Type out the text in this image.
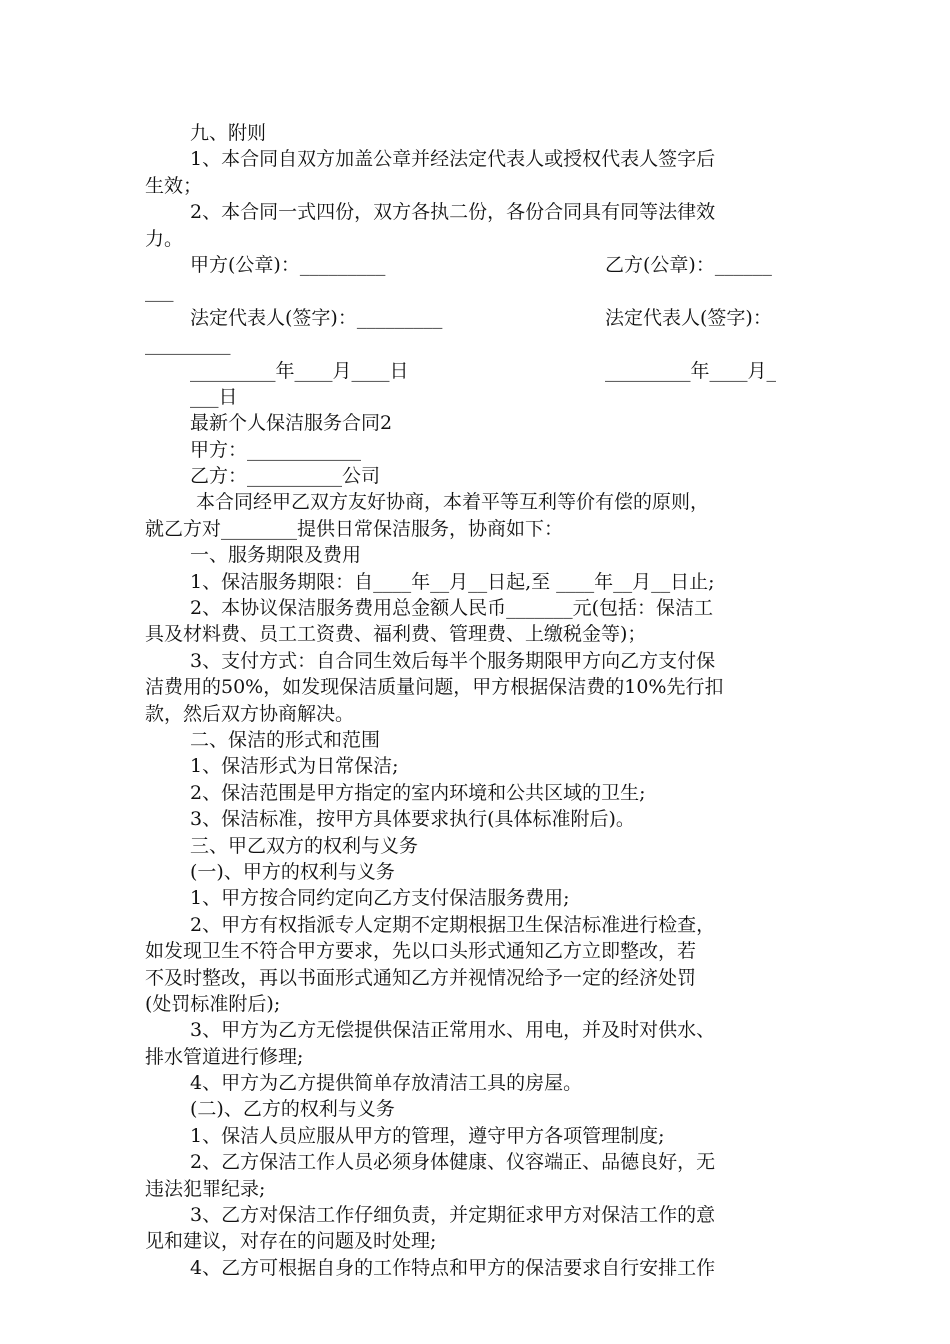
九、附则
1、本合同自双方加盖公章并经法定代表人或授权代表人签字后
生效；
2、本合同一式四份，双方各执二份，各份合同具有同等法律效
力。
甲方(公章)：_________	乙方(公章)：______
___
法定代表人(签字)：_________	法定代表人(签字)：
_________
_________年____月____日	_________年____月_
___日
最新个人保洁服务合同2
甲方：____________
乙方：__________公司
本合同经甲乙双方友好协商，本着平等互利等价有偿的原则，
就乙方对________提供日常保洁服务，协商如下：
一、服务期限及费用
1、保洁服务期限：自____年__月__日起,至 ____年__月__日止;
2、本协议保洁服务费用总金额人民币_______元(包括：保洁工
具及材料费、员工工资费、福利费、管理费、上缴税金等)；
3、支付方式：自合同生效后每半个服务期限甲方向乙方支付保
洁费用的50%，如发现保洁质量问题，甲方根据保洁费的10%先行扣
款，然后双方协商解决。
二、保洁的形式和范围
1、保洁形式为日常保洁;
2、保洁范围是甲方指定的室内环境和公共区域的卫生;
3、保洁标准，按甲方具体要求执行(具体标准附后)。
三、甲乙双方的权利与义务
(一)、甲方的权利与义务
1、甲方按合同约定向乙方支付保洁服务费用;
2、甲方有权指派专人定期不定期根据卫生保洁标准进行检查，
如发现卫生不符合甲方要求，先以口头形式通知乙方立即整改，若
不及时整改，再以书面形式通知乙方并视情况给予一定的经济处罚
(处罚标准附后);
3、甲方为乙方无偿提供保洁正常用水、用电，并及时对供水、
排水管道进行修理;
4、甲方为乙方提供简单存放清洁工具的房屋。
(二)、乙方的权利与义务
1、保洁人员应服从甲方的管理，遵守甲方各项管理制度;
2、乙方保洁工作人员必须身体健康、仪容端正、品德良好，无
违法犯罪纪录;
3、乙方对保洁工作仔细负责，并定期征求甲方对保洁工作的意
见和建议，对存在的问题及时处理;
4、乙方可根据自身的工作特点和甲方的保洁要求自行安排工作
